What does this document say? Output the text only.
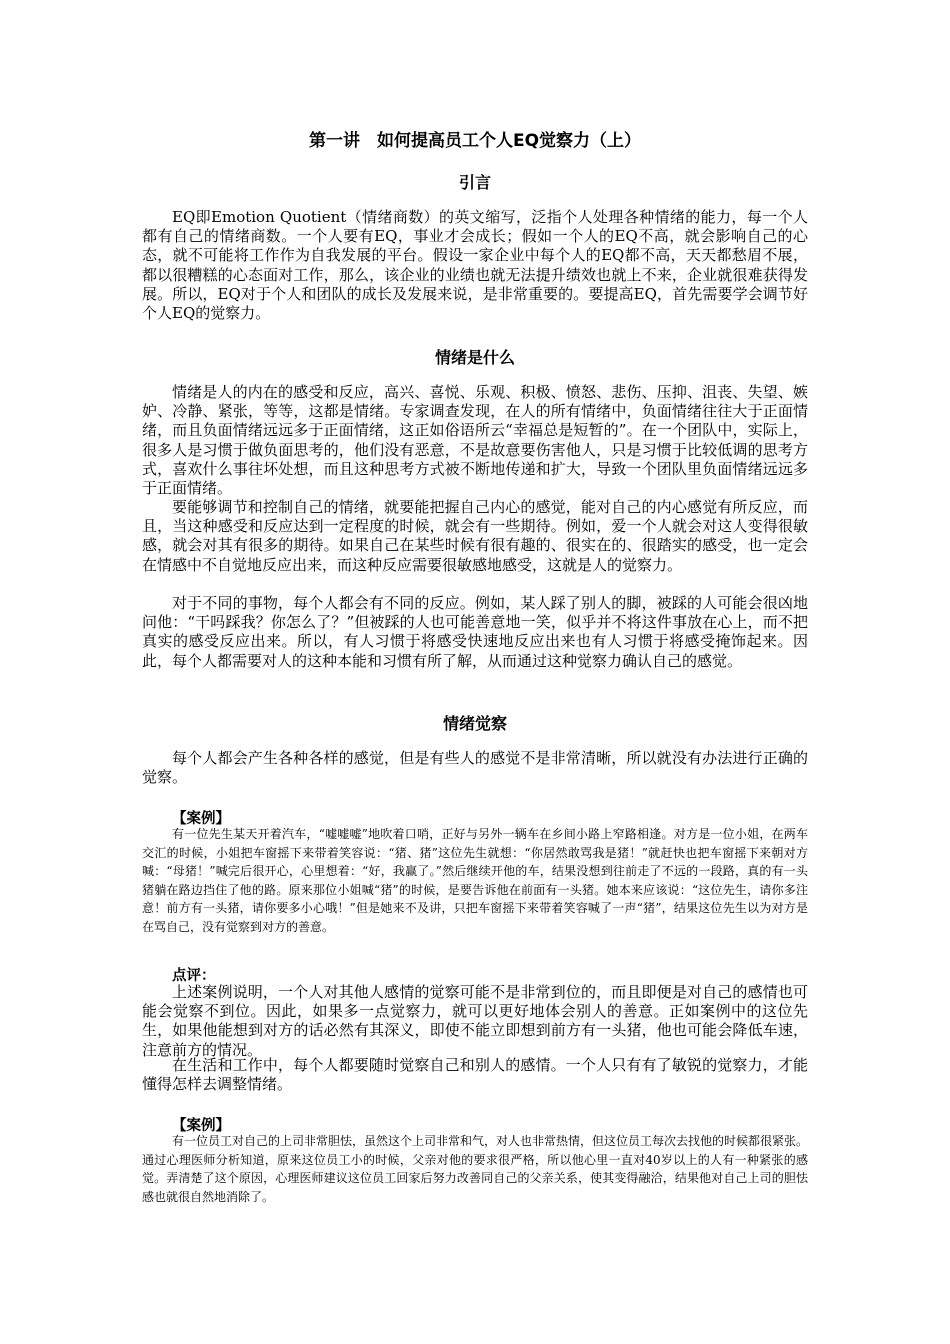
第一讲　如何提高员工个人EQ觉察力（上）
引言

EQ即Emotion Quotient（情绪商数）的英文缩写，泛指个人处理各种情绪的能力，每一个人都有自己的情绪商数。一个人要有EQ，事业才会成长；假如一个人的EQ不高，就会影响自己的心态，就不可能将工作作为自我发展的平台。假设一家企业中每个人的EQ都不高，天天都愁眉不展，都以很糟糕的心态面对工作，那么，该企业的业绩也就无法提升绩效也就上不来，企业就很难获得发展。所以，EQ对于个人和团队的成长及发展来说，是非常重要的。要提高EQ，首先需要学会调节好个人EQ的觉察力。

情绪是什么

情绪是人的内在的感受和反应，高兴、喜悦、乐观、积极、愤怒、悲伤、压抑、沮丧、失望、嫉妒、冷静、紧张，等等，这都是情绪。专家调查发现，在人的所有情绪中，负面情绪往往大于正面情绪，而且负面情绪远远多于正面情绪，这正如俗语所云“幸福总是短暂的”。在一个团队中，实际上，很多人是习惯于做负面思考的，他们没有恶意，不是故意要伤害他人，只是习惯于比较低调的思考方式，喜欢什么事往坏处想，而且这种思考方式被不断地传递和扩大，导致一个团队里负面情绪远远多于正面情绪。

要能够调节和控制自己的情绪，就要能把握自己内心的感觉，能对自己的内心感觉有所反应，而且，当这种感受和反应达到一定程度的时候，就会有一些期待。例如，爱一个人就会对这人变得很敏感，就会对其有很多的期待。如果自己在某些时候有很有趣的、很实在的、很踏实的感受，也一定会在情感中不自觉地反应出来，而这种反应需要很敏感地感受，这就是人的觉察力。

对于不同的事物，每个人都会有不同的反应。例如，某人踩了别人的脚，被踩的人可能会很凶地问他：“干吗踩我？你怎么了？”但被踩的人也可能善意地一笑，似乎并不将这件事放在心上，而不把真实的感受反应出来。所以，有人习惯于将感受快速地反应出来也有人习惯于将感受掩饰起来。因此，每个人都需要对人的这种本能和习惯有所了解，从而通过这种觉察力确认自己的感觉。

情绪觉察

每个人都会产生各种各样的感觉，但是有些人的感觉不是非常清晰，所以就没有办法进行正确的觉察。

【案例】

有一位先生某天开着汽车，“嘘嘘嘘”地吹着口哨，正好与另外一辆车在乡间小路上窄路相逢。对方是一位小姐，在两车交汇的时候，小姐把车窗摇下来带着笑容说：“猪、猪”这位先生就想：“你居然敢骂我是猪！”就赶快也把车窗摇下来朝对方喊：“母猪！”喊完后很开心，心里想着：“好，我赢了。”然后继续开他的车，结果没想到往前走了不远的一段路，真的有一头猪躺在路边挡住了他的路。原来那位小姐喊“猪”的时候，是要告诉他在前面有一头猪。她本来应该说：“这位先生，请你多注意！前方有一头猪，请你要多小心哦！”但是她来不及讲，只把车窗摇下来带着笑容喊了一声“猪”，结果这位先生以为对方是在骂自己，没有觉察到对方的善意。

点评：

上述案例说明，一个人对其他人感情的觉察可能不是非常到位的，而且即便是对自己的感情也可能会觉察不到位。因此，如果多一点觉察力，就可以更好地体会别人的善意。正如案例中的这位先生，如果他能想到对方的话必然有其深义，即使不能立即想到前方有一头猪，他也可能会降低车速，注意前方的情况。

在生活和工作中，每个人都要随时觉察自己和别人的感情。一个人只有有了敏锐的觉察力，才能懂得怎样去调整情绪。

【案例】

有一位员工对自己的上司非常胆怯，虽然这个上司非常和气，对人也非常热情，但这位员工每次去找他的时候都很紧张。通过心理医师分析知道，原来这位员工小的时候，父亲对他的要求很严格，所以他心里一直对40岁以上的人有一种紧张的感觉。弄清楚了这个原因，心理医师建议这位员工回家后努力改善同自己的父亲关系，使其变得融洽，结果他对自己上司的胆怯感也就很自然地消除了。
